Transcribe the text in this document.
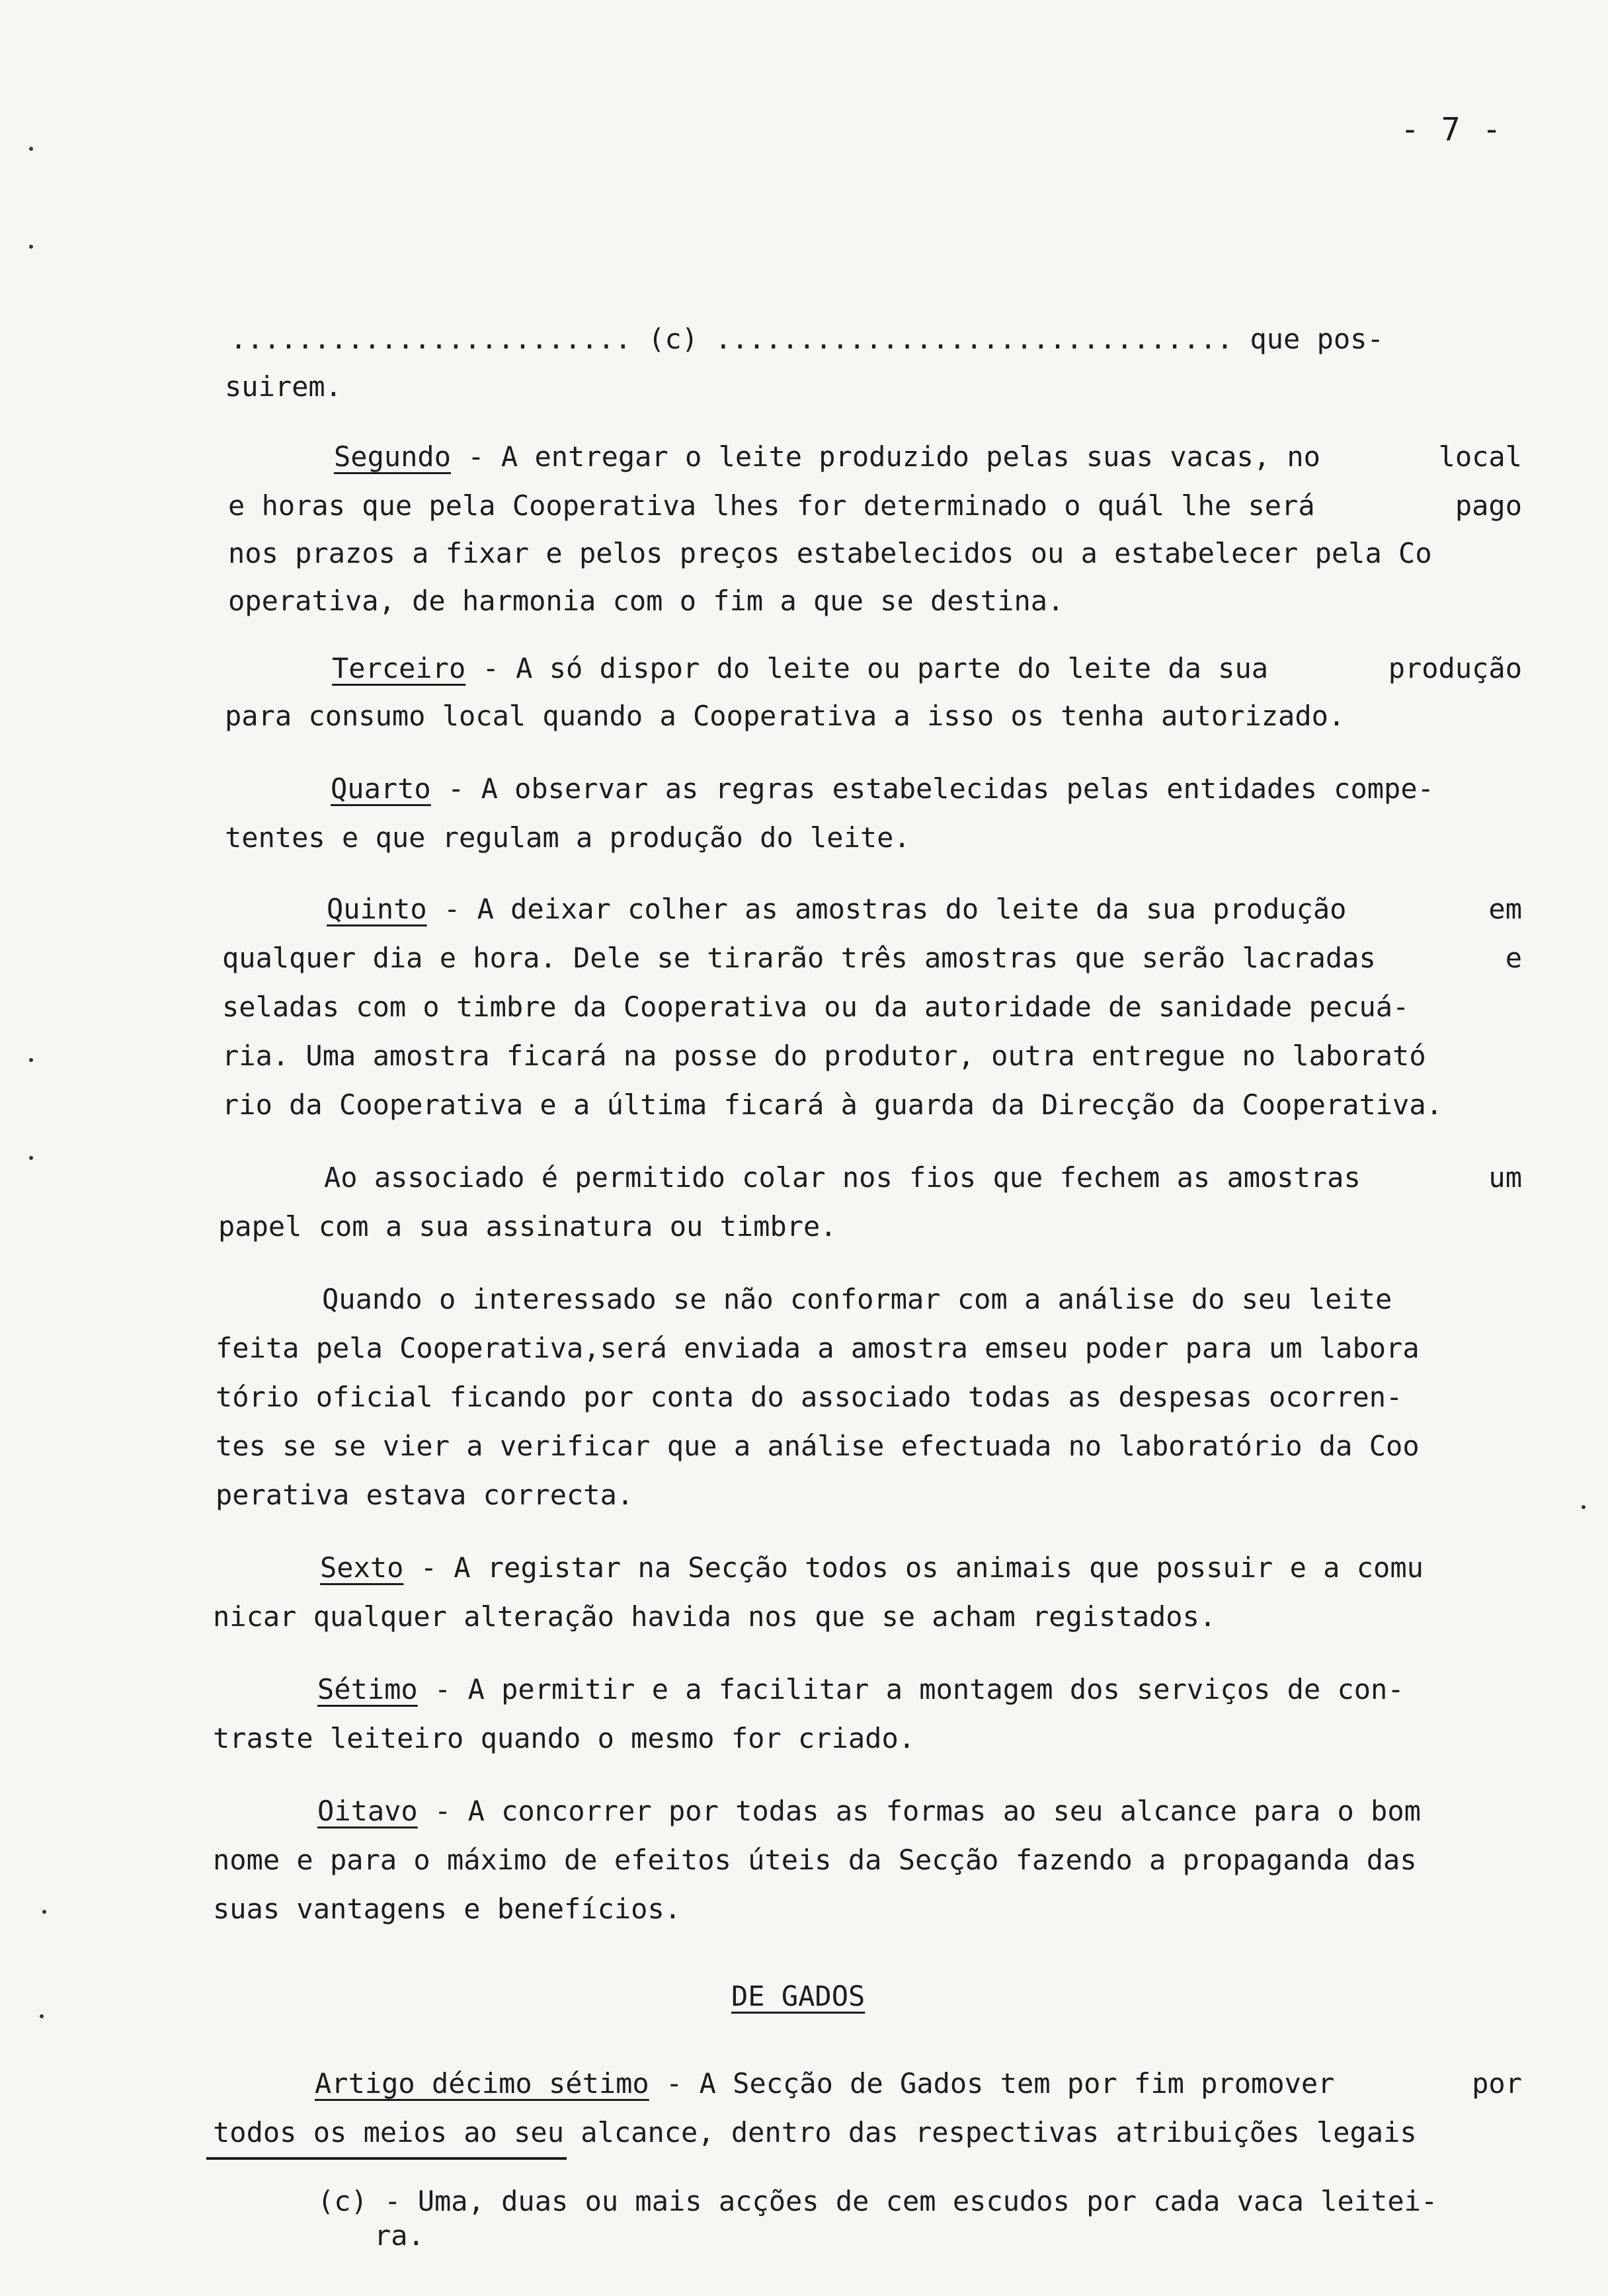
- 7 -
DE GADOS
........................ (c) ............................... que pos-
suirem.
Segundo - A entregar o leite produzido pelas suas vacas, no	local
e horas que pela Cooperativa lhes for determinado o quál lhe será	pago
nos prazos a fixar e pelos preços estabelecidos ou a estabelecer pela Co
operativa, de harmonia com o fim a que se destina.
Terceiro - A só dispor do leite ou parte do leite da sua	produção
para consumo local quando a Cooperativa a isso os tenha autorizado.
Quarto - A observar as regras estabelecidas pelas entidades compe-
tentes e que regulam a produção do leite.
Quinto - A deixar colher as amostras do leite da sua produção	em
qualquer dia e hora. Dele se tirarão três amostras que serão lacradas	e
seladas com o timbre da Cooperativa ou da autoridade de sanidade pecuá-
ria. Uma amostra ficará na posse do produtor, outra entregue no laborató
rio da Cooperativa e a última ficará à guarda da Direcção da Cooperativa.
Ao associado é permitido colar nos fios que fechem as amostras	um
papel com a sua assinatura ou timbre.
Quando o interessado se não conformar com a análise do seu leite
feita pela Cooperativa,será enviada a amostra emseu poder para um labora
tório oficial ficando por conta do associado todas as despesas ocorren-
tes se se vier a verificar que a análise efectuada no laboratório da Coo
perativa estava correcta.
Sexto - A registar na Secção todos os animais que possuir e a comu
nicar qualquer alteração havida nos que se acham registados.
Sétimo - A permitir e a facilitar a montagem dos serviços de con-
traste leiteiro quando o mesmo for criado.
Oitavo - A concorrer por todas as formas ao seu alcance para o bom
nome e para o máximo de efeitos úteis da Secção fazendo a propaganda das
suas vantagens e benefícios.
Artigo décimo sétimo - A Secção de Gados tem por fim promover	por
todos os meios ao seu alcance, dentro das respectivas atribuições legais
(c) - Uma, duas ou mais acções de cem escudos por cada vaca leitei-
ra.
